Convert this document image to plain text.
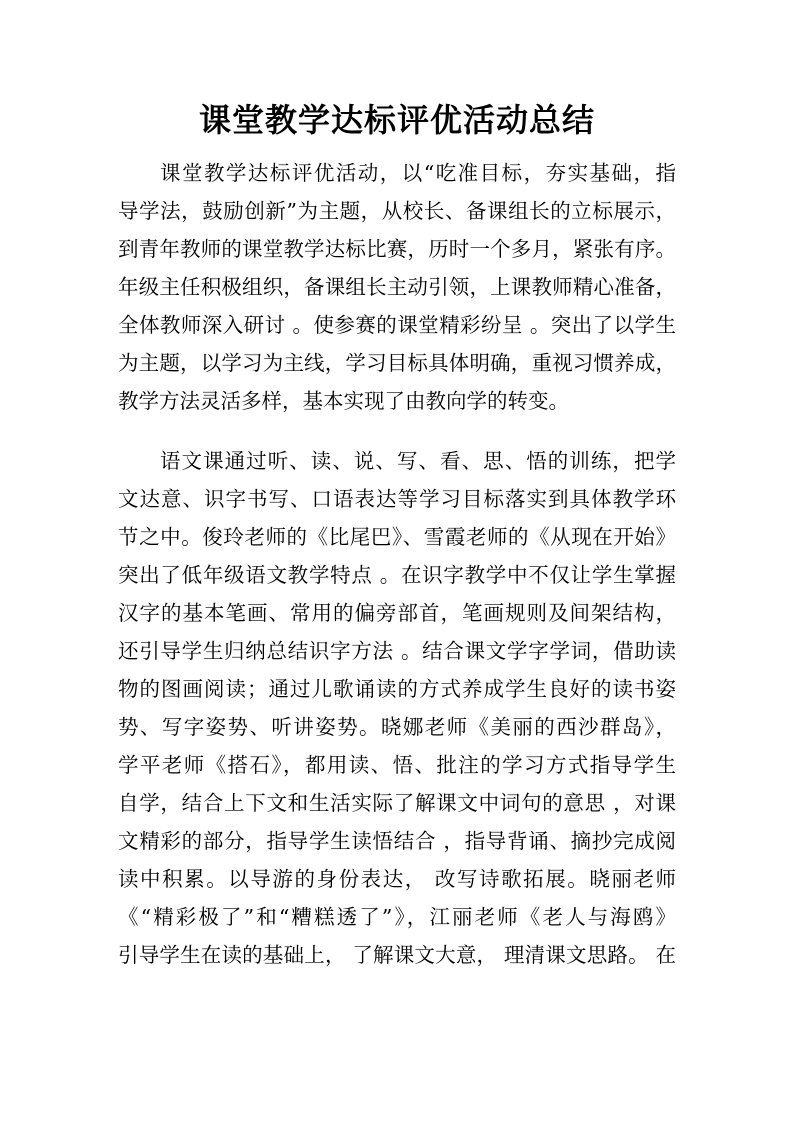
课堂教学达标评优活动总结
课堂教学达标评优活动，以“吃准目标，夯实基础，指
导学法，鼓励创新”为主题，从校长、备课组长的立标展示，
到青年教师的课堂教学达标比赛，历时一个多月，紧张有序。
年级主任积极组织，备课组长主动引领，上课教师精心准备，
全体教师深入研讨 。使参赛的课堂精彩纷呈 。突出了以学生
为主题，以学习为主线，学习目标具体明确，重视习惯养成，
教学方法灵活多样，基本实现了由教向学的转变。
语文课通过听、读、说、写、看、思、悟的训练，把学
文达意、识字书写、口语表达等学习目标落实到具体教学环
节之中。俊玲老师的《比尾巴》、雪霞老师的《从现在开始》
突出了低年级语文教学特点 。在识字教学中不仅让学生掌握
汉字的基本笔画、常用的偏旁部首，笔画规则及间架结构，
还引导学生归纳总结识字方法 。结合课文学字学词，借助读
物的图画阅读；通过儿歌诵读的方式养成学生良好的读书姿
势、写字姿势、听讲姿势。晓娜老师《美丽的西沙群岛》，
学平老师《搭石》，都用读、悟、批注的学习方式指导学生
自学，结合上下文和生活实际了解课文中词句的意思 ，对课
文精彩的部分，指导学生读悟结合 ，指导背诵、摘抄完成阅
读中积累。以导游的身份表达， 改写诗歌拓展。晓丽老师
《“精彩极了”和“糟糕透了”》，江丽老师《老人与海鸥》
引导学生在读的基础上， 了解课文大意， 理清课文思路。 在
